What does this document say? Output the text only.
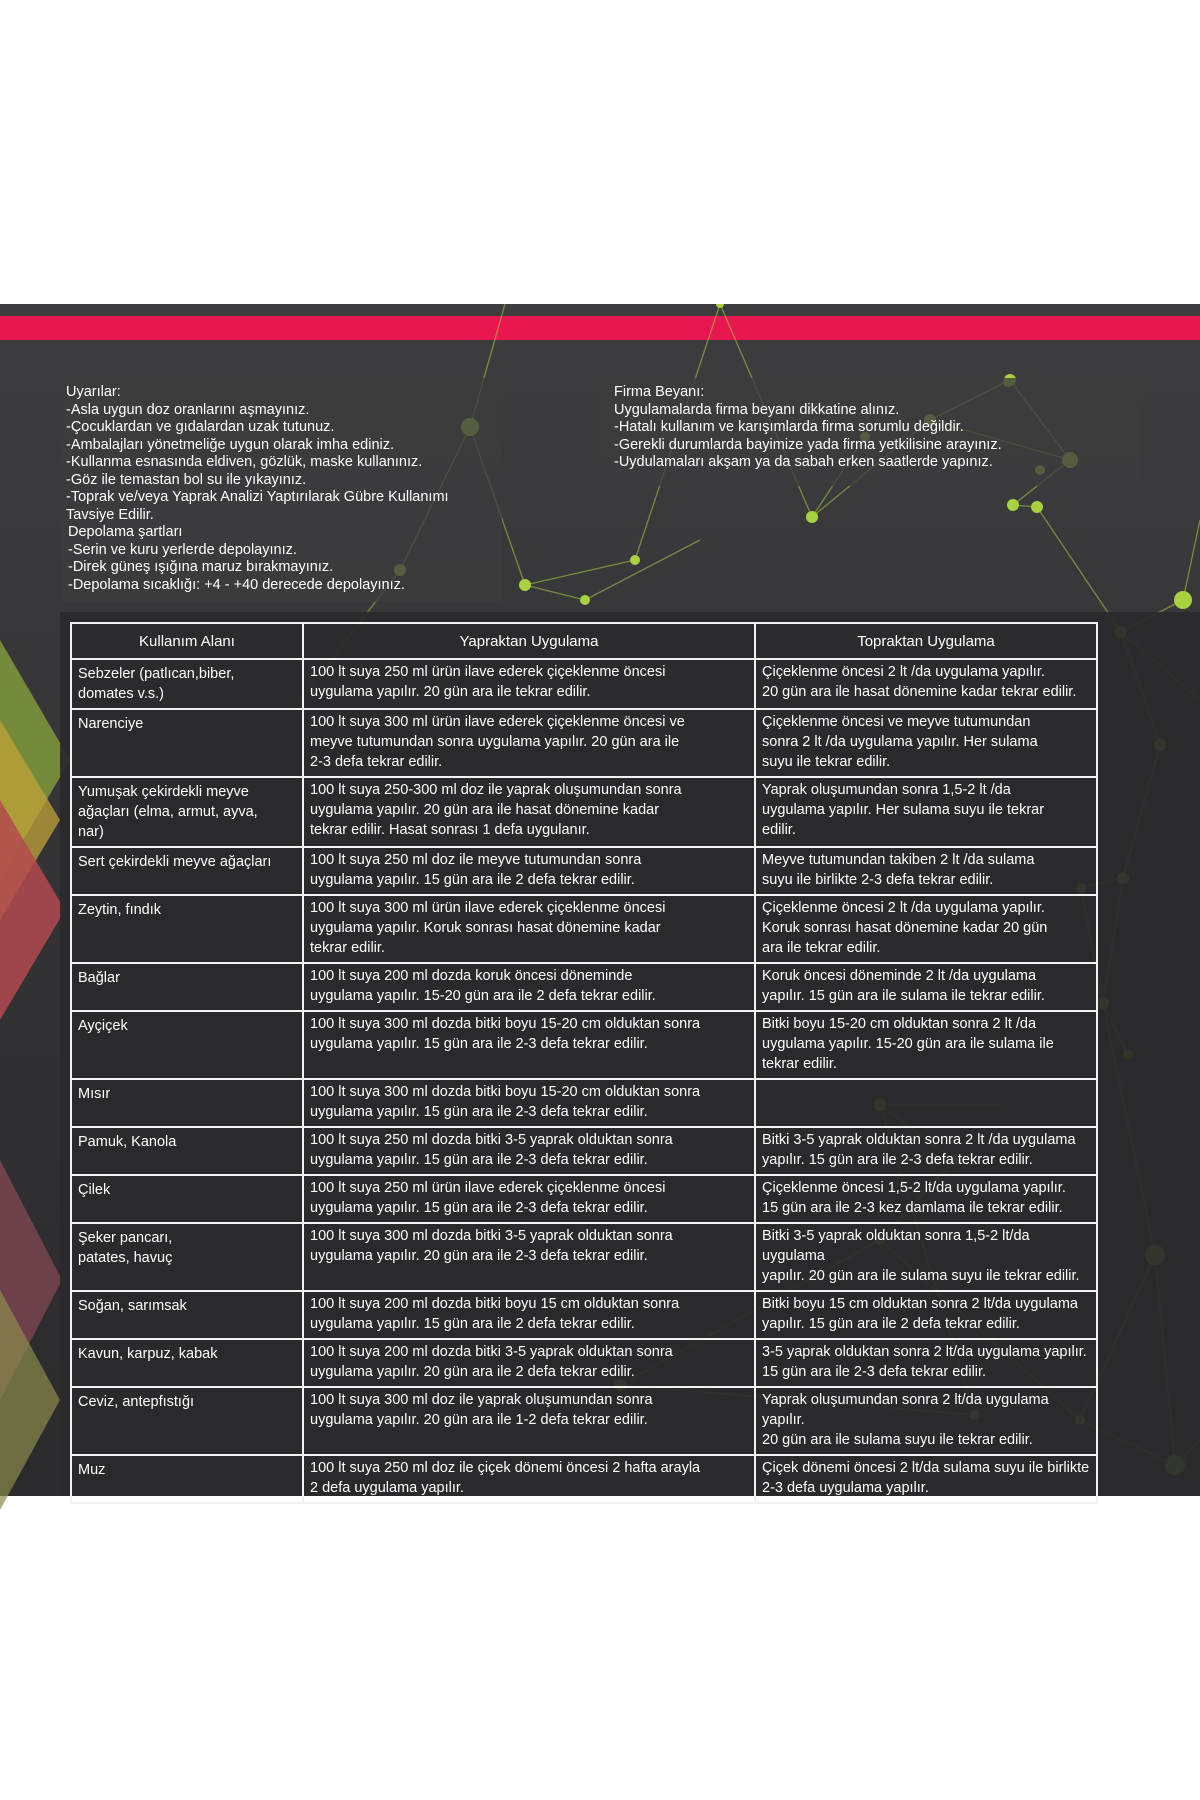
Uyarılar:
-Asla uygun doz oranlarını aşmayınız.
-Çocuklardan ve gıdalardan uzak tutunuz.
-Ambalajları yönetmeliğe uygun olarak imha ediniz.
-Kullanma esnasında eldiven, gözlük, maske kullanınız.
-Göz ile temastan bol su ile yıkayınız.
-Toprak ve/veya Yaprak Analizi Yaptırılarak Gübre Kullanımı
Tavsiye Edilir.
Depolama şartları
-Serin ve kuru yerlerde depolayınız.
-Direk güneş ışığına maruz bırakmayınız.
-Depolama sıcaklığı: +4 - +40 derecede depolayınız.
Firma Beyanı:
Uygulamalarda firma beyanı dikkatine alınız.
-Hatalı kullanım ve karışımlarda firma sorumlu değildir.
-Gerekli durumlarda bayimize yada firma yetkilisine arayınız.
-Uydulamaları akşam ya da sabah erken saatlerde yapınız.
Kullanım Alanı	Yapraktan Uygulama	Topraktan Uygulama
Sebzeler (patlıcan,biber,
domates v.s.)	100 lt suya 250 ml ürün ilave ederek çiçeklenme öncesi
uygulama yapılır. 20 gün ara ile tekrar edilir.	Çiçeklenme öncesi 2 lt /da uygulama yapılır.
20 gün ara ile hasat dönemine kadar tekrar edilir.
Narenciye	100 lt suya 300 ml ürün ilave ederek çiçeklenme öncesi ve
meyve tutumundan sonra uygulama yapılır. 20 gün ara ile
2-3 defa tekrar edilir.	Çiçeklenme öncesi ve meyve tutumundan
sonra 2 lt /da uygulama yapılır. Her sulama
suyu ile tekrar edilir.
Yumuşak çekirdekli meyve
ağaçları (elma, armut, ayva,
nar)	100 lt suya 250-300 ml doz ile yaprak oluşumundan sonra
uygulama yapılır. 20 gün ara ile hasat dönemine kadar
tekrar edilir. Hasat sonrası 1 defa uygulanır.	Yaprak oluşumundan sonra 1,5-2 lt /da
uygulama yapılır. Her sulama suyu ile tekrar
edilir.
Sert çekirdekli meyve ağaçları	100 lt suya 250 ml doz ile meyve tutumundan sonra
uygulama yapılır. 15 gün ara ile 2 defa tekrar edilir.	Meyve tutumundan takiben 2 lt /da sulama
suyu ile birlikte 2-3 defa tekrar edilir.
Zeytin, fındık	100 lt suya 300 ml ürün ilave ederek çiçeklenme öncesi
uygulama yapılır. Koruk sonrası hasat dönemine kadar
tekrar edilir.	Çiçeklenme öncesi 2 lt /da uygulama yapılır.
Koruk sonrası hasat dönemine kadar 20 gün
ara ile tekrar edilir.
Bağlar	100 lt suya 200 ml dozda koruk öncesi döneminde
uygulama yapılır. 15-20 gün ara ile 2 defa tekrar edilir.	Koruk öncesi döneminde 2 lt /da uygulama
yapılır. 15 gün ara ile sulama ile tekrar edilir.
Ayçiçek	100 lt suya 300 ml dozda bitki boyu 15-20 cm olduktan sonra
uygulama yapılır. 15 gün ara ile 2-3 defa tekrar edilir.	Bitki boyu 15-20 cm olduktan sonra 2 lt /da
uygulama yapılır. 15-20 gün ara ile sulama ile
tekrar edilir.
Mısır	100 lt suya 300 ml dozda bitki boyu 15-20 cm olduktan sonra
uygulama yapılır. 15 gün ara ile 2-3 defa tekrar edilir.	
Pamuk, Kanola	100 lt suya 250 ml dozda bitki 3-5 yaprak olduktan sonra
uygulama yapılır. 15 gün ara ile 2-3 defa tekrar edilir.	Bitki 3-5 yaprak olduktan sonra 2 lt /da uygulama
yapılır. 15 gün ara ile 2-3 defa tekrar edilir.
Çilek	100 lt suya 250 ml ürün ilave ederek çiçeklenme öncesi
uygulama yapılır. 15 gün ara ile 2-3 defa tekrar edilir.	Çiçeklenme öncesi 1,5-2 lt/da uygulama yapılır.
15 gün ara ile 2-3 kez damlama ile tekrar edilir.
Şeker pancarı,
patates, havuç	100 lt suya 300 ml dozda bitki 3-5 yaprak olduktan sonra
uygulama yapılır. 20 gün ara ile 2-3 defa tekrar edilir.	Bitki 3-5 yaprak olduktan sonra 1,5-2 lt/da uygulama
yapılır. 20 gün ara ile sulama suyu ile tekrar edilir.
Soğan, sarımsak	100 lt suya 200 ml dozda bitki boyu 15 cm olduktan sonra
uygulama yapılır. 15 gün ara ile 2 defa tekrar edilir.	Bitki boyu 15 cm olduktan sonra 2 lt/da uygulama
yapılır. 15 gün ara ile 2 defa tekrar edilir.
Kavun, karpuz, kabak	100 lt suya 200 ml dozda bitki 3-5 yaprak olduktan sonra
uygulama yapılır. 20 gün ara ile 2 defa tekrar edilir.	3-5 yaprak olduktan sonra 2 lt/da uygulama yapılır.
15 gün ara ile 2-3 defa tekrar edilir.
Ceviz, antepfıstığı	100 lt suya 300 ml doz ile yaprak oluşumundan sonra
uygulama yapılır. 20 gün ara ile 1-2 defa tekrar edilir.	Yaprak oluşumundan sonra 2 lt/da uygulama yapılır.
20 gün ara ile sulama suyu ile tekrar edilir.
Muz	100 lt suya 250 ml doz ile çiçek dönemi öncesi 2 hafta arayla
2 defa uygulama yapılır.	Çiçek dönemi öncesi 2 lt/da sulama suyu ile birlikte
2-3 defa uygulama yapılır.
